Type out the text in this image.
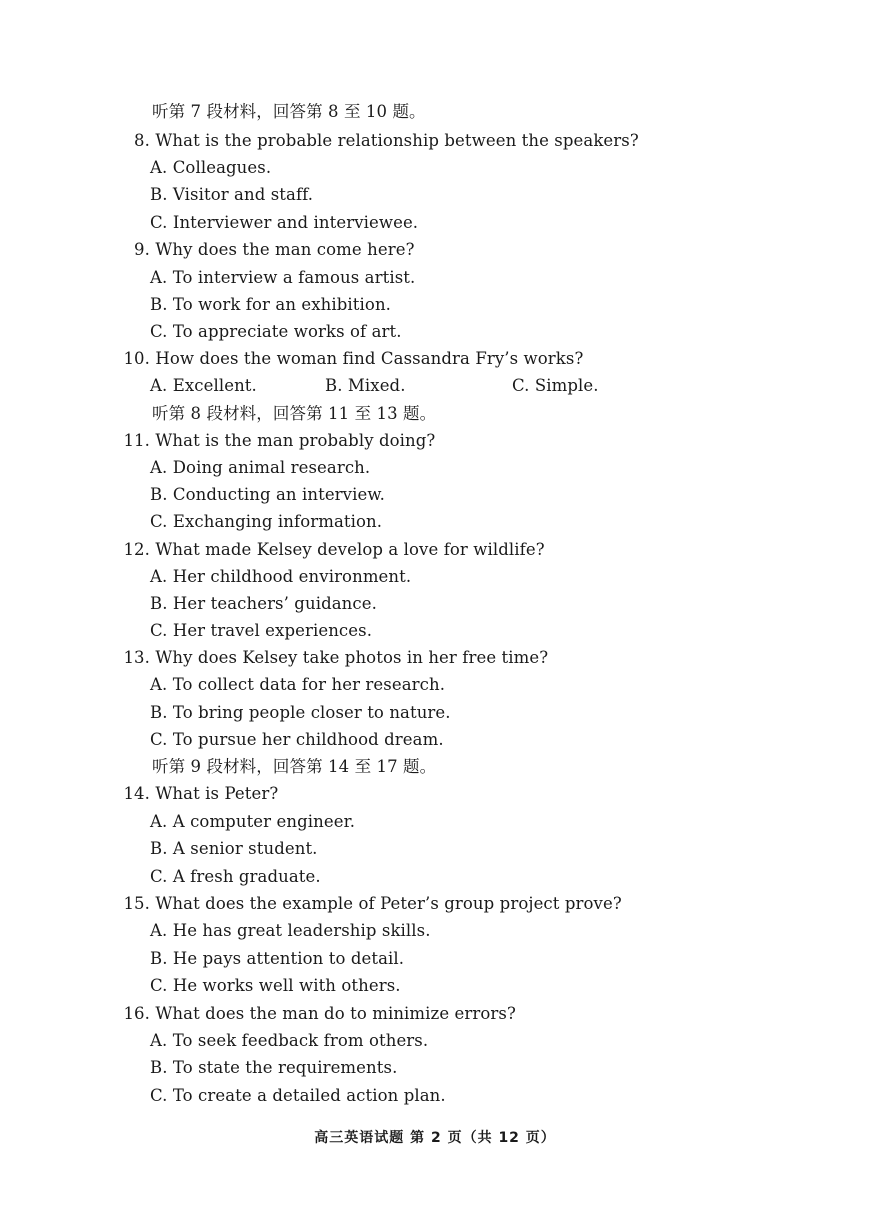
听第 7 段材料，回答第 8 至 10 题。
8. What is the probable relationship between the speakers?
A. Colleagues.
B. Visitor and staff.
C. Interviewer and interviewee.
9. Why does the man come here?
A. To interview a famous artist.
B. To work for an exhibition.
C. To appreciate works of art.
10. How does the woman find Cassandra Fry’s works?
A. Excellent.	B. Mixed.	C. Simple.
听第 8 段材料，回答第 11 至 13 题。
11. What is the man probably doing?
A. Doing animal research.
B. Conducting an interview.
C. Exchanging information.
12. What made Kelsey develop a love for wildlife?
A. Her childhood environment.
B. Her teachers’ guidance.
C. Her travel experiences.
13. Why does Kelsey take photos in her free time?
A. To collect data for her research.
B. To bring people closer to nature.
C. To pursue her childhood dream.
听第 9 段材料，回答第 14 至 17 题。
14. What is Peter?
A. A computer engineer.
B. A senior student.
C. A fresh graduate.
15. What does the example of Peter’s group project prove?
A. He has great leadership skills.
B. He pays attention to detail.
C. He works well with others.
16. What does the man do to minimize errors?
A. To seek feedback from others.
B. To state the requirements.
C. To create a detailed action plan.
高三英语试题 第 2 页（共 12 页）
